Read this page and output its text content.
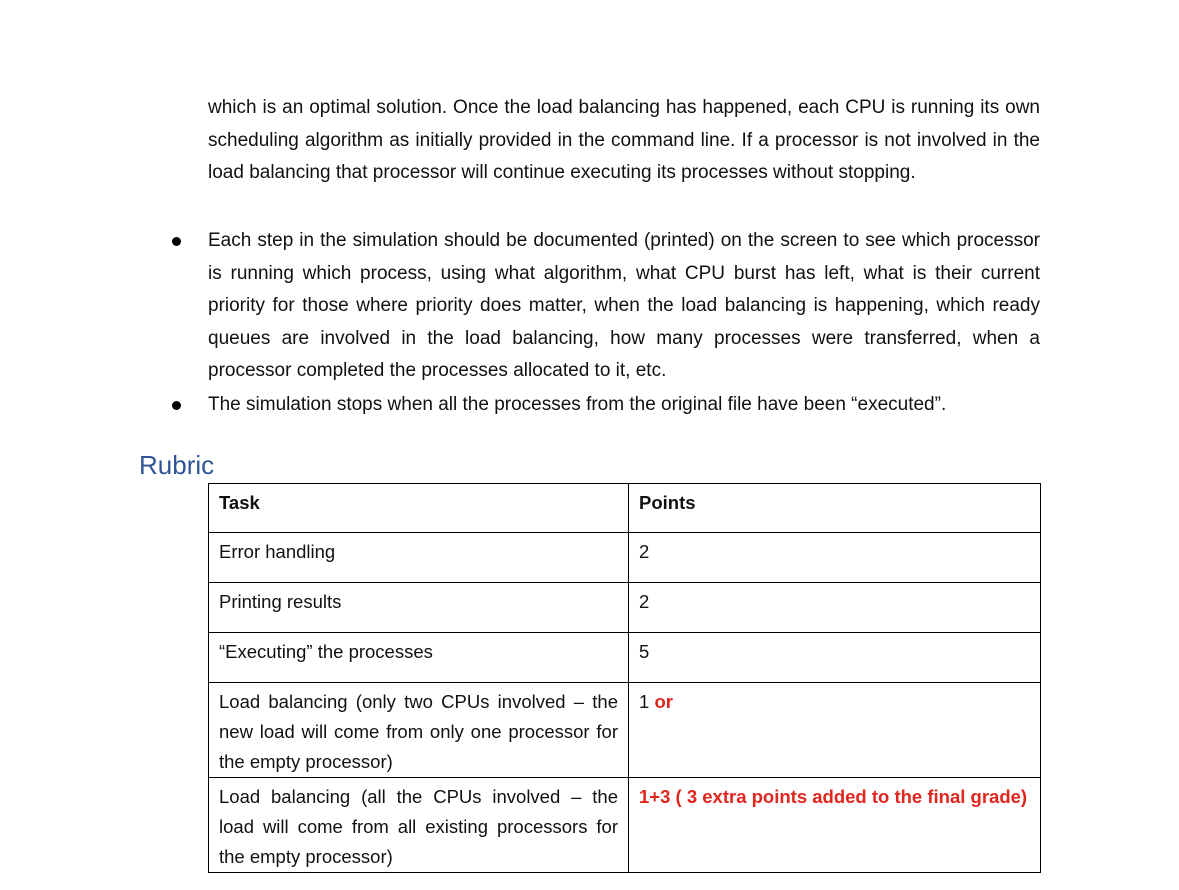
which is an optimal solution. Once the load balancing has happened, each CPU is running its own scheduling algorithm as initially provided in the command line. If a processor is not involved in the load balancing that processor will continue executing its processes without stopping.
Each step in the simulation should be documented (printed) on the screen to see which processor is running which process, using what algorithm, what CPU burst has left, what is their current priority for those where priority does matter, when the load balancing is happening, which ready queues are involved in the load balancing, how many processes were transferred, when a processor completed the processes allocated to it, etc.
The simulation stops when all the processes from the original file have been “executed”.
Rubric
Task	Points
Error handling	2
Printing results	2
“Executing” the processes	5
Load balancing (only two CPUs involved – the new load will come from only one processor for the empty processor)	1 or
Load balancing (all the CPUs involved – the load will come from all existing processors for the empty processor)	1+3 ( 3 extra points added to the final grade)
